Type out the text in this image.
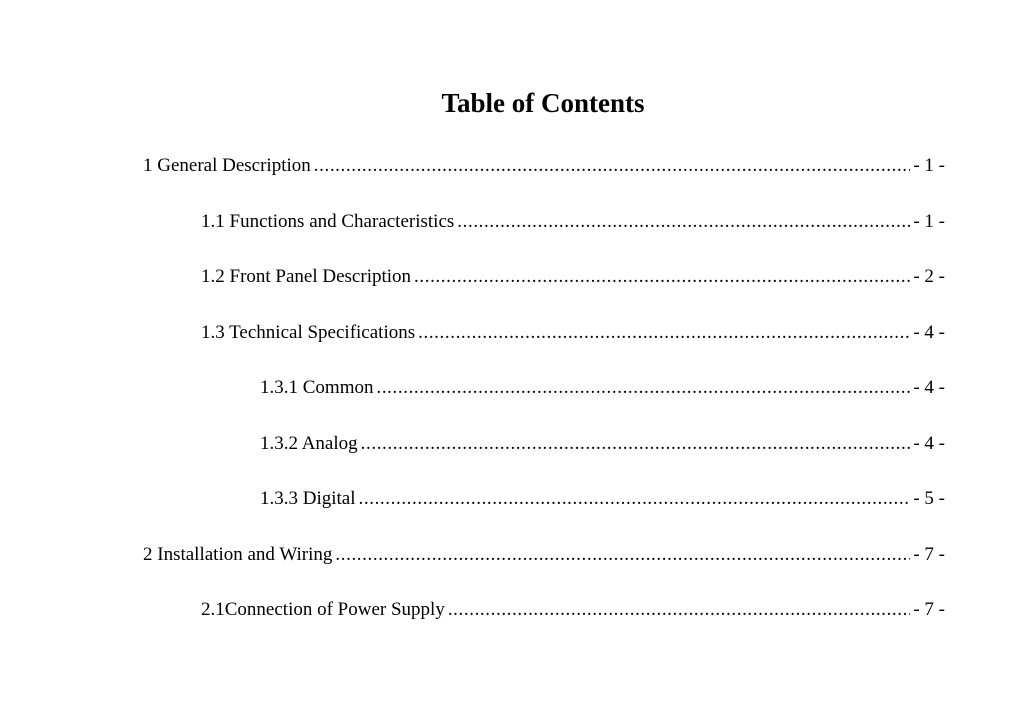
Table of Contents
1 General Description .....	- 1 -
1.1 Functions and Characteristics .....	- 1 -
1.2 Front Panel Description .....	- 2 -
1.3 Technical Specifications .....	- 4 -
1.3.1 Common .....	- 4 -
1.3.2 Analog .....	- 4 -
1.3.3 Digital .....	- 5 -
2 Installation and Wiring .....	- 7 -
2.1Connection of Power Supply .....	- 7 -
